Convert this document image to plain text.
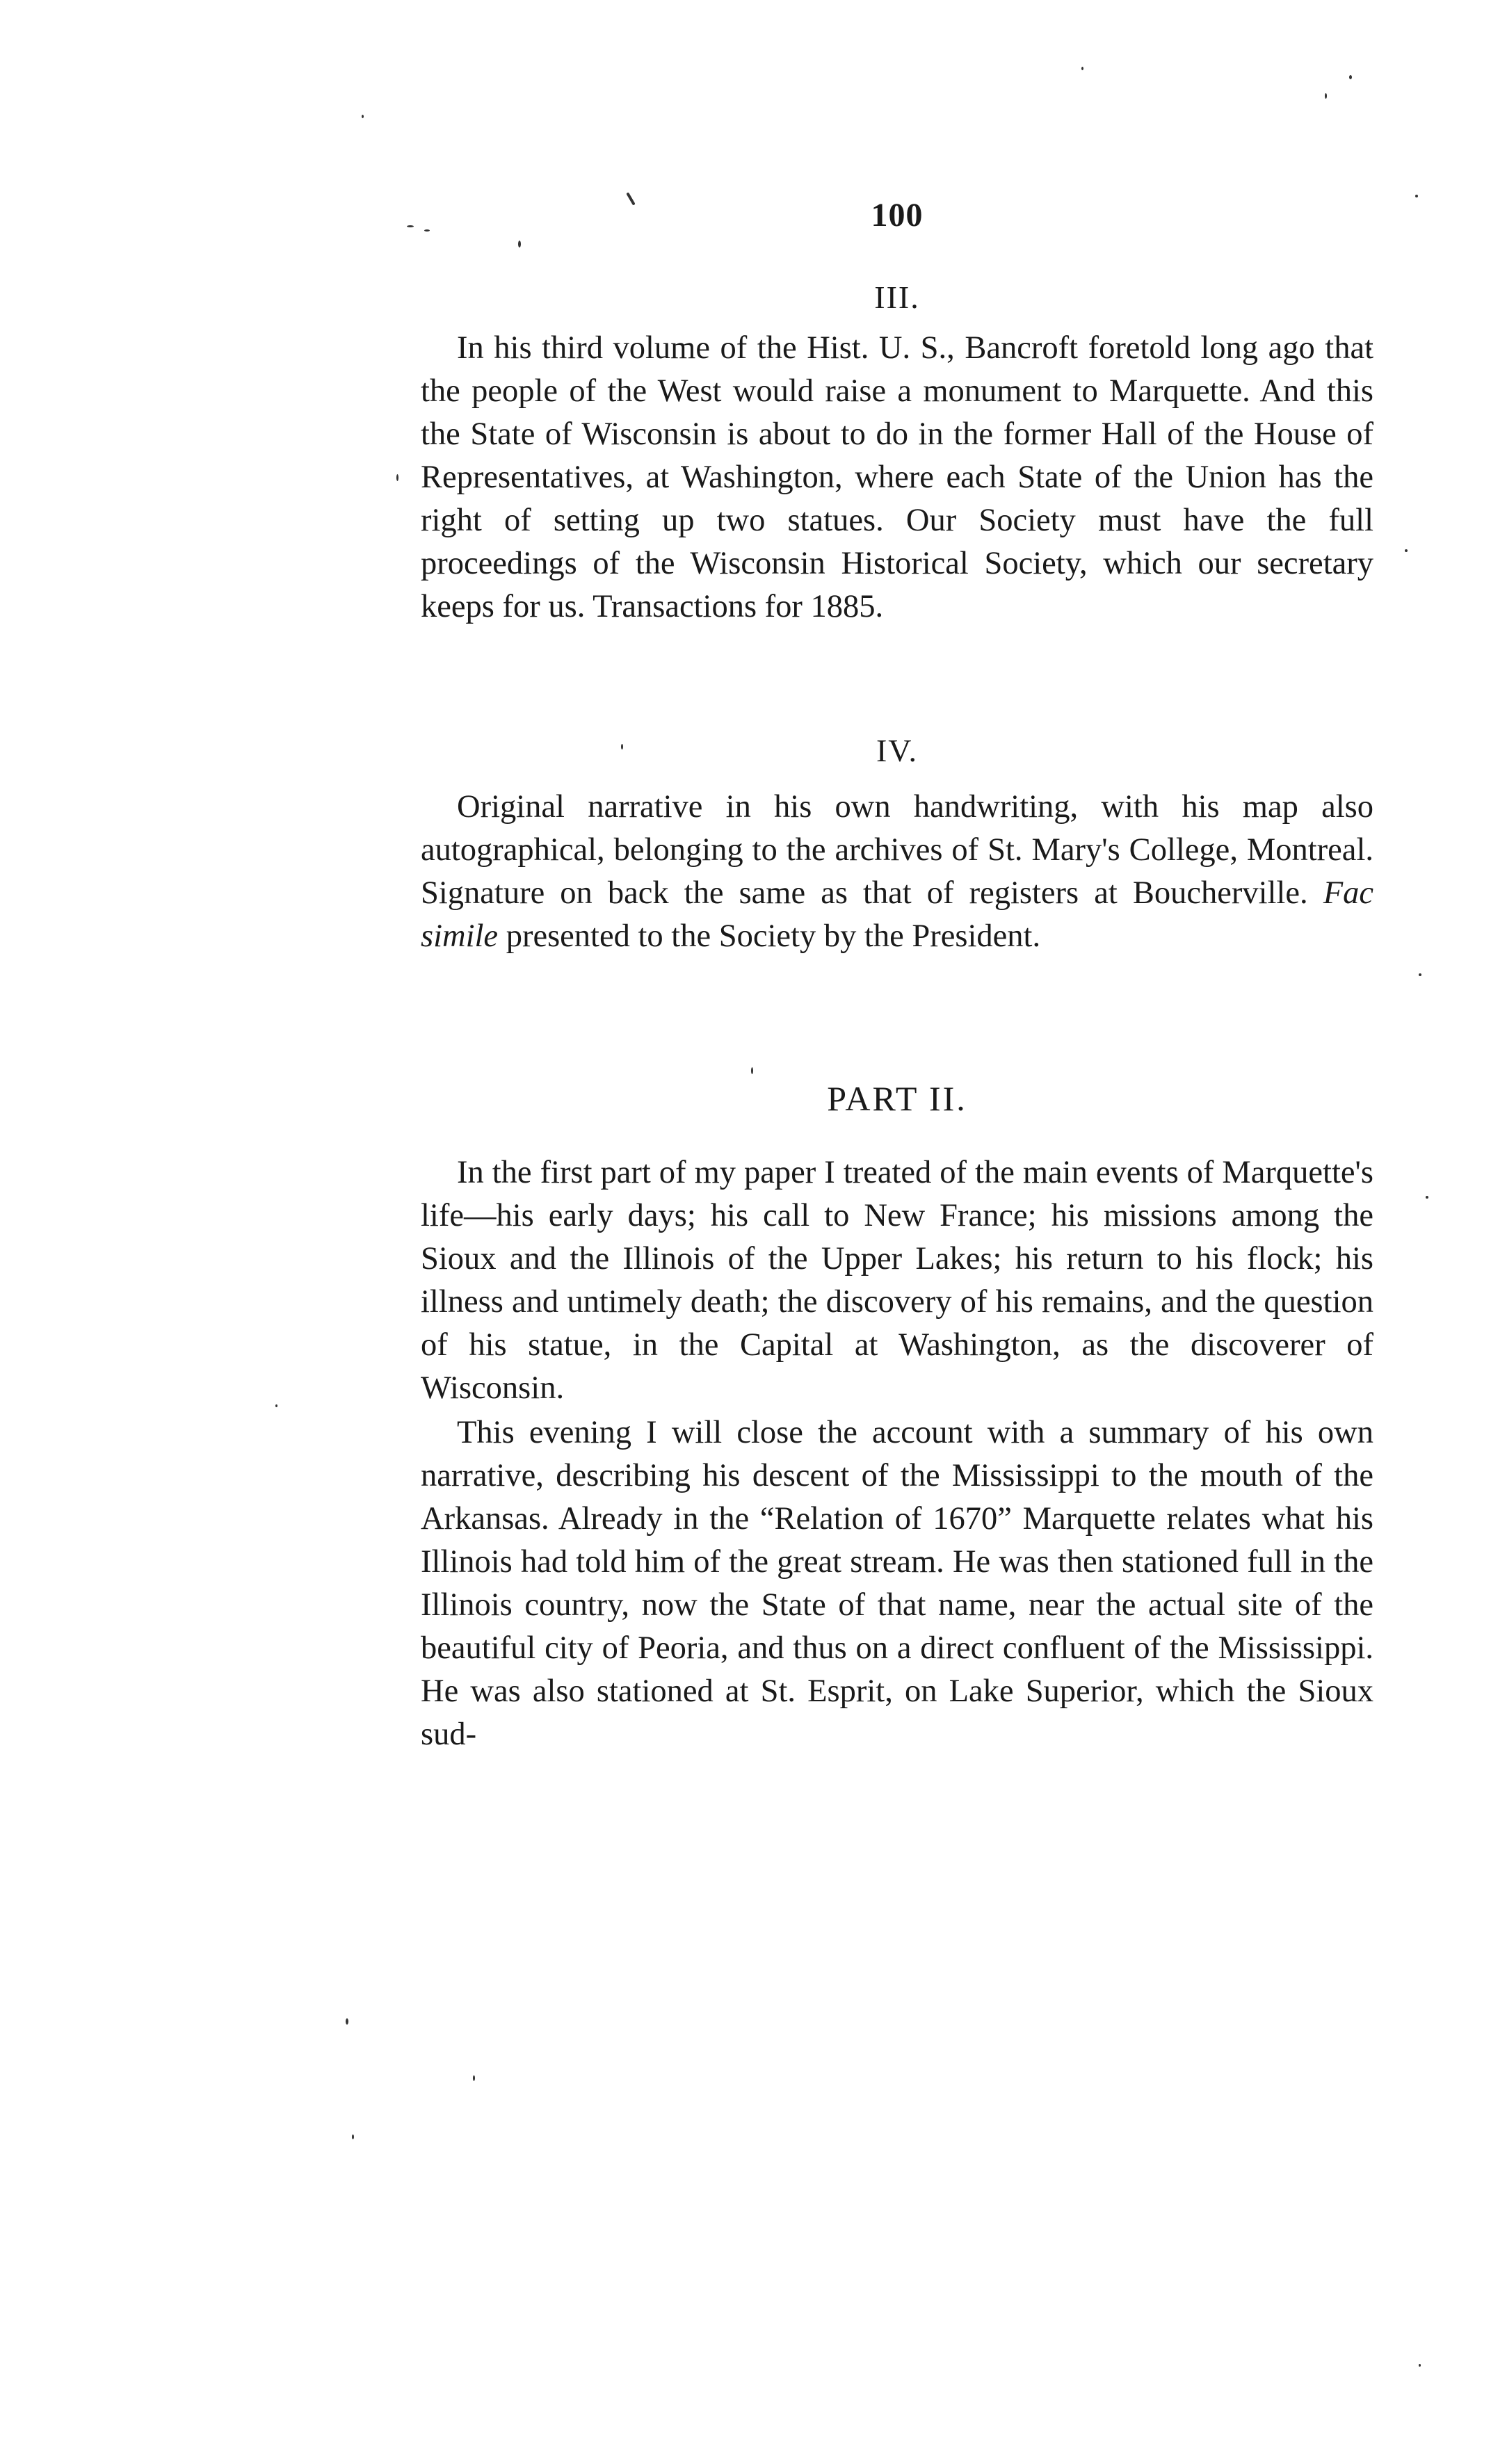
100
III.

In his third volume of the Hist. U. S., Bancroft foretold long ago that the people of the West would raise a monument to Marquette. And this the State of Wisconsin is about to do in the former Hall of the House of Representatives, at Washington, where each State of the Union has the right of setting up two statues. Our Society must have the full proceedings of the Wisconsin Historical Society, which our secretary keeps for us. Transactions for 1885.

IV.

Original narrative in his own handwriting, with his map also autographical, belonging to the archives of St. Mary's College, Montreal. Signature on back the same as that of registers at Boucherville. Fac simile presented to the Society by the President.

PART II.

In the first part of my paper I treated of the main events of Marquette's life—his early days; his call to New France; his missions among the Sioux and the Illinois of the Upper Lakes; his return to his flock; his illness and untimely death; the discovery of his remains, and the question of his statue, in the Capital at Washington, as the discoverer of Wisconsin.

This evening I will close the account with a summary of his own narrative, describing his descent of the Mississippi to the mouth of the Arkansas. Already in the “Relation of 1670” Marquette relates what his Illinois had told him of the great stream. He was then stationed full in the Illinois country, now the State of that name, near the actual site of the beautiful city of Peoria, and thus on a direct confluent of the Mississippi. He was also stationed at St. Esprit, on Lake Superior, which the Sioux sud-
